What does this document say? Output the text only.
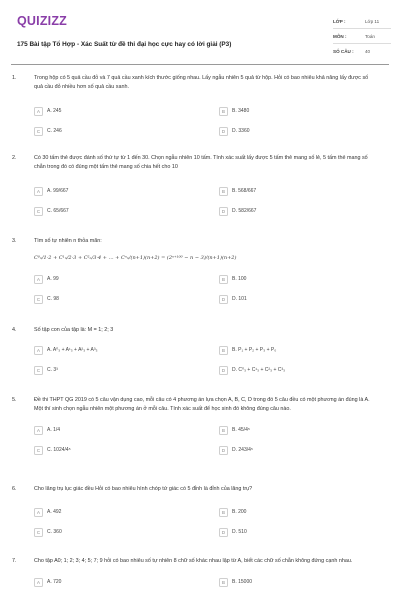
QUIZIZZ
175 Bài tập Tổ Hợp - Xác Suất từ đề thi đại học cực hay có lời giải (P3)
LỚP :	Lớp 11
MÔN :	Toán
SỐ CÂU :	40
1.	Trong hộp có 5 quả cầu đỏ và 7 quả cầu xanh kích thước giống nhau. Lấy ngẫu nhiên 5 quả từ hộp. Hỏi có bao nhiêu khả năng lấy được số quả cầu đỏ nhiều hơn số quả cầu xanh.
A	A. 245	B	B. 3480
C	C. 246	D	D. 3360
2.	Có 30 tấm thẻ được đánh số thứ tự từ 1 đến 30. Chọn ngẫu nhiên 10 tấm. Tính xác suất lấy được 5 tấm thẻ mang số lẻ, 5 tấm thẻ mang số chẵn trong đó có đúng một tấm thẻ mang số chia hết cho 10
A	A. 99/667	B	B. 568/667
C	C. 65/667	D	D. 582/667
3.	Tìm số tự nhiên n thỏa mãn:
C⁰ₙ/1·2 + C¹ₙ/2·3 + C²ₙ/3·4 + … + Cⁿₙ/(n+1)(n+2) = (2ⁿ⁺¹⁰⁰ − n − 3)/(n+1)(n+2)
A	A. 99	B	B. 100
C	C. 98	D	D. 101
4.	Số tập con của tập là: M = 1; 2; 3
A	A. A⁰₃ + A¹₃ + A²₃ + A³₃	B	B. P₁ + P₂ + P₃ + P₀
C	C. 3³	D	D. C⁰₃ + C¹₃ + C²₃ + C³₃
5.	Đề thi THPT QG 2019 có 5 câu vận dụng cao, mỗi câu có 4 phương án lựa chọn A, B, C, D trong đó 5 câu đều có một phương án đúng là A. Một thí sinh chọn ngẫu nhiên một phương án ở mỗi câu. Tính xác suất để học sinh đó không đúng câu nào.
A	A. 1/4	B	B. 45/4⁵
C	C. 1024/4⁵	D	D. 243/4⁵
6.	Cho lăng trụ lục giác đều Hỏi có bao nhiêu hình chóp tứ giác có 5 đỉnh là đỉnh của lăng trụ?
A	A. 492	B	B. 200
C	C. 360	D	D. 510
7.	Cho tập A0; 1; 2; 3; 4; 5; 7; 9 hỏi có bao nhiêu số tự nhiên 8 chữ số khác nhau lập từ A, biết các chữ số chẵn không đứng cạnh nhau.
A	A. 720	B	B. 15000
